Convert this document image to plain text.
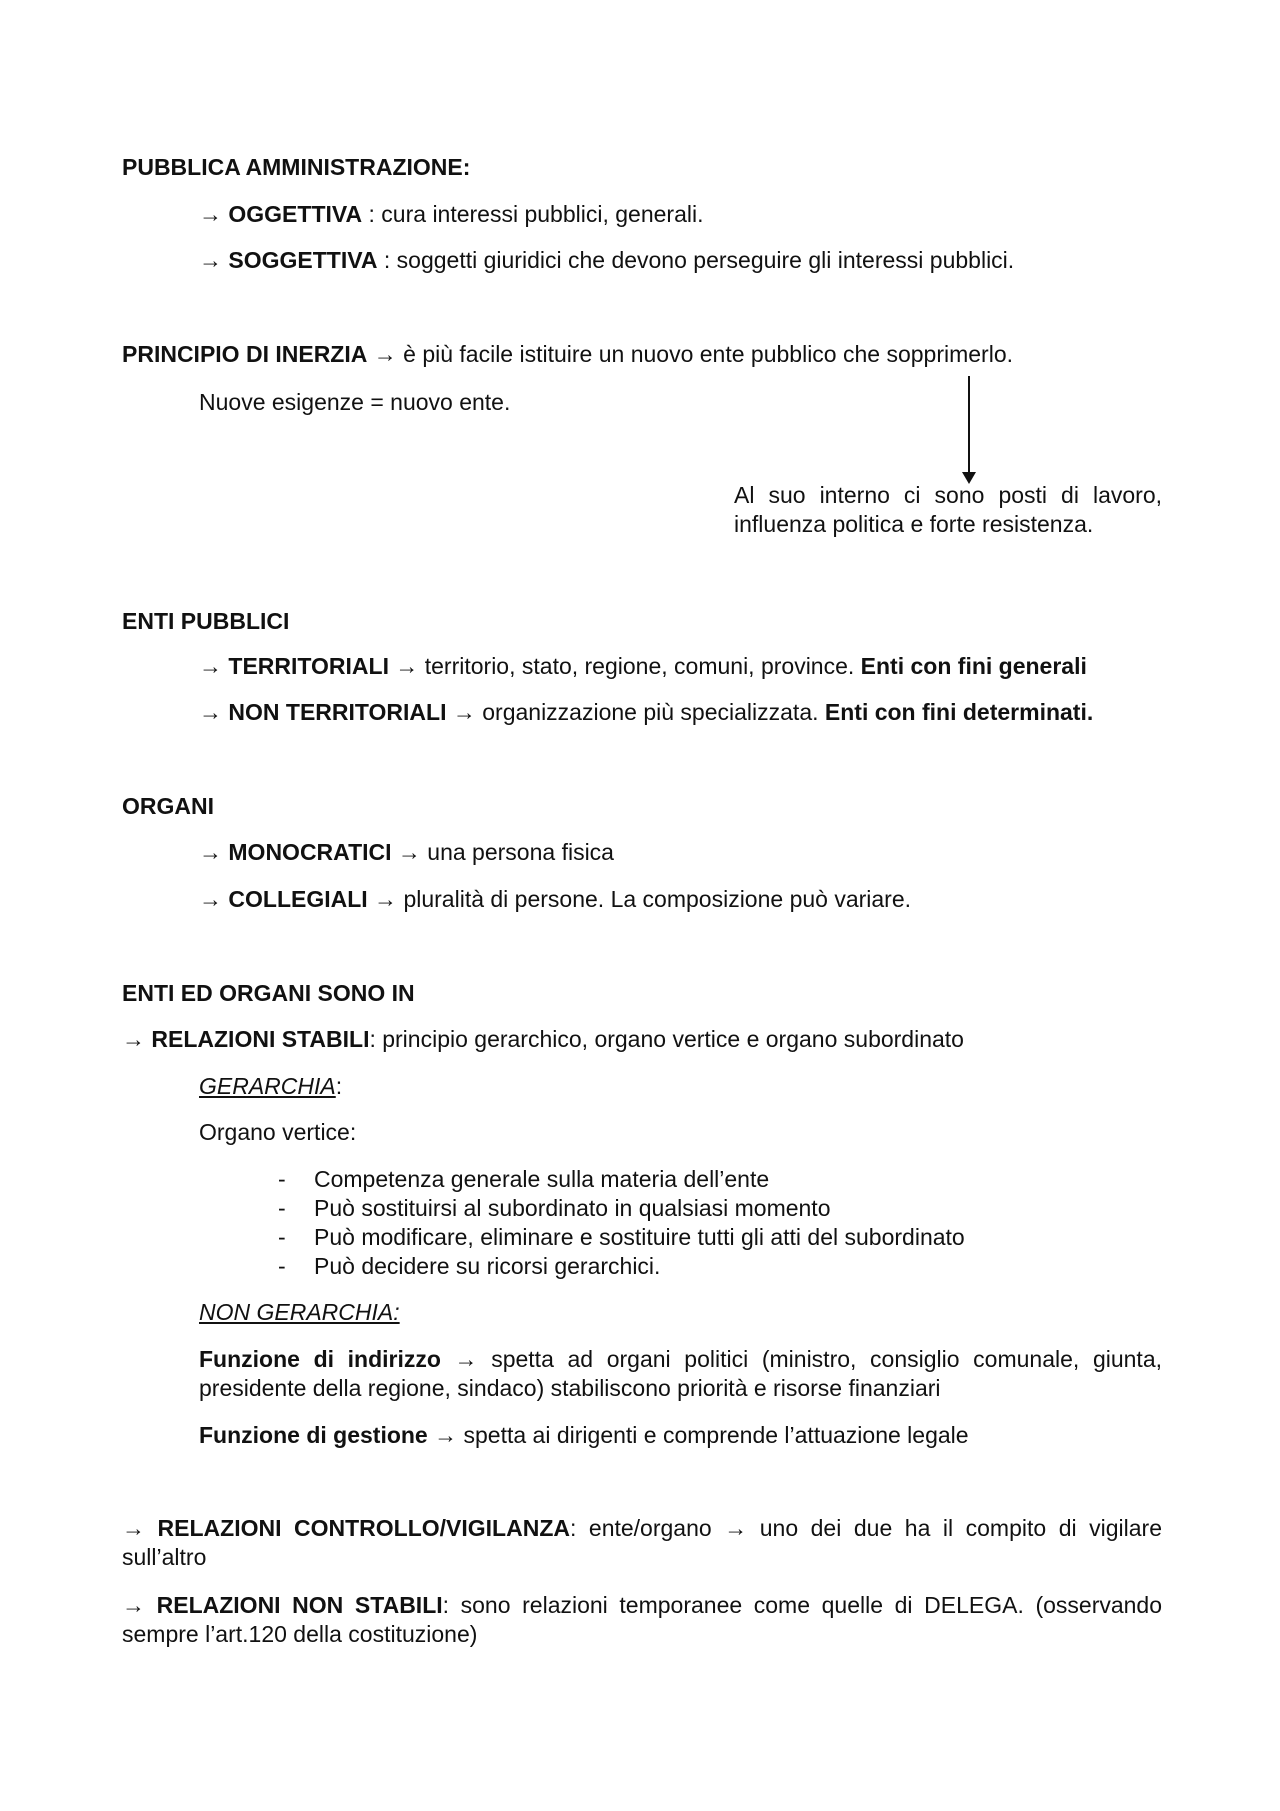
PUBBLICA AMMINISTRAZIONE:
→ OGGETTIVA : cura interessi pubblici, generali.
→ SOGGETTIVA : soggetti giuridici che devono perseguire gli interessi pubblici.
PRINCIPIO DI INERZIA → è più facile istituire un nuovo ente pubblico che sopprimerlo.
Nuove esigenze = nuovo ente.
Al suo interno ci sono posti di lavoro,
influenza politica e forte resistenza.
ENTI PUBBLICI
→ TERRITORIALI → territorio, stato, regione, comuni, province. Enti con fini generali
→ NON TERRITORIALI → organizzazione più specializzata. Enti con fini determinati.
ORGANI
→ MONOCRATICI → una persona fisica
→ COLLEGIALI → pluralità di persone. La composizione può variare.
ENTI ED ORGANI SONO IN
→ RELAZIONI STABILI: principio gerarchico, organo vertice e organo subordinato
GERARCHIA:
Organo vertice:
- Competenza generale sulla materia dell’ente
- Può sostituirsi al subordinato in qualsiasi momento
- Può modificare, eliminare e sostituire tutti gli atti del subordinato
- Può decidere su ricorsi gerarchici.
NON GERARCHIA:
Funzione di indirizzo → spetta ad organi politici (ministro, consiglio comunale, giunta, presidente della regione, sindaco) stabiliscono priorità e risorse finanziari
Funzione di gestione → spetta ai dirigenti e comprende l’attuazione legale
→ RELAZIONI CONTROLLO/VIGILANZA: ente/organo → uno dei due ha il compito di vigilare sull’altro
→ RELAZIONI NON STABILI: sono relazioni temporanee come quelle di DELEGA. (osservando sempre l’art.120 della costituzione)
